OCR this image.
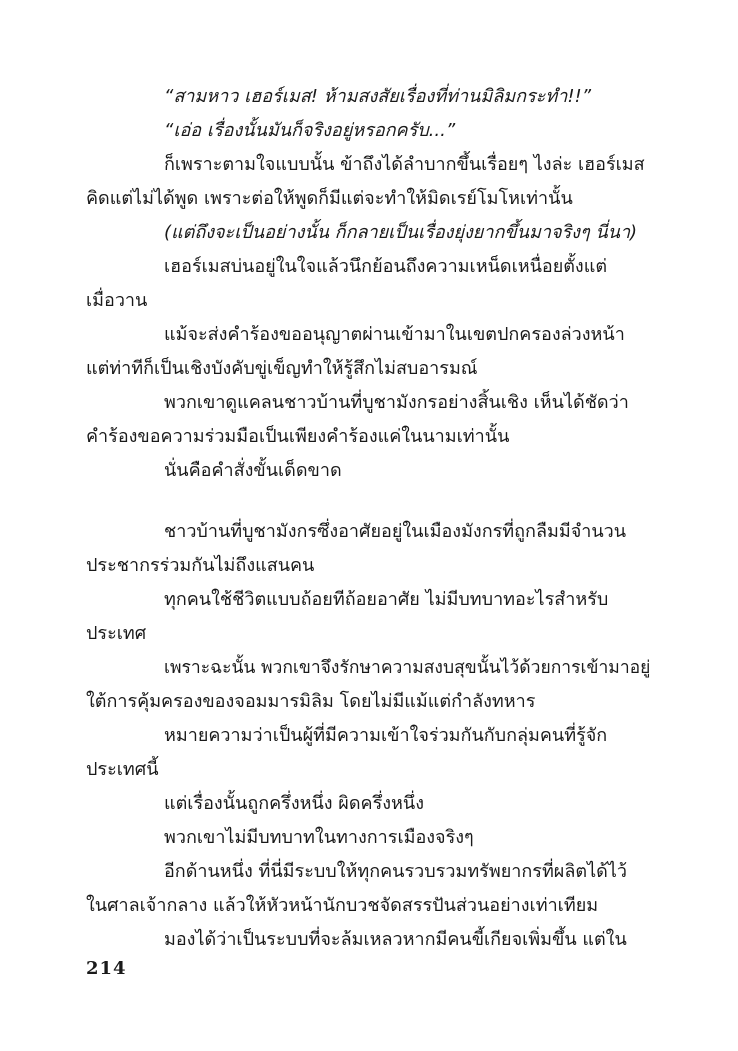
“สามหาว เฮอร์เมส! ห้ามสงสัยเรื่องที่ท่านมิลิมกระทำ!!”
“เอ่อ เรื่องนั้นมันก็จริงอยู่หรอกครับ...”
ก็เพราะตามใจแบบนั้น ข้าถึงได้ลำบากขึ้นเรื่อยๆ ไงล่ะ เฮอร์เมส
คิดแต่ไม่ได้พูด เพราะต่อให้พูดก็มีแต่จะทำให้มิดเรย์โมโหเท่านั้น
(แต่ถึงจะเป็นอย่างนั้น ก็กลายเป็นเรื่องยุ่งยากขึ้นมาจริงๆ นี่นา)
เฮอร์เมสบ่นอยู่ในใจแล้วนึกย้อนถึงความเหน็ดเหนื่อยตั้งแต่
เมื่อวาน
แม้จะส่งคำร้องขออนุญาตผ่านเข้ามาในเขตปกครองล่วงหน้า
แต่ท่าทีก็เป็นเชิงบังคับขู่เข็ญทำให้รู้สึกไม่สบอารมณ์
พวกเขาดูแคลนชาวบ้านที่บูชามังกรอย่างสิ้นเชิง เห็นได้ชัดว่า
คำร้องขอความร่วมมือเป็นเพียงคำร้องแค่ในนามเท่านั้น
นั่นคือคำสั่งขั้นเด็ดขาด
ชาวบ้านที่บูชามังกรซึ่งอาศัยอยู่ในเมืองมังกรที่ถูกลืมมีจำนวน
ประชากรร่วมกันไม่ถึงแสนคน
ทุกคนใช้ชีวิตแบบถ้อยทีถ้อยอาศัย ไม่มีบทบาทอะไรสำหรับ
ประเทศ
เพราะฉะนั้น พวกเขาจึงรักษาความสงบสุขนั้นไว้ด้วยการเข้ามาอยู่
ใต้การคุ้มครองของจอมมารมิลิม โดยไม่มีแม้แต่กำลังทหาร
หมายความว่าเป็นผู้ที่มีความเข้าใจร่วมกันกับกลุ่มคนที่รู้จัก
ประเทศนี้
แต่เรื่องนั้นถูกครึ่งหนึ่ง ผิดครึ่งหนึ่ง
พวกเขาไม่มีบทบาทในทางการเมืองจริงๆ
อีกด้านหนึ่ง ที่นี่มีระบบให้ทุกคนรวบรวมทรัพยากรที่ผลิตได้ไว้
ในศาลเจ้ากลาง แล้วให้หัวหน้านักบวชจัดสรรปันส่วนอย่างเท่าเทียม
มองได้ว่าเป็นระบบที่จะล้มเหลวหากมีคนขี้เกียจเพิ่มขึ้น แต่ใน
214
